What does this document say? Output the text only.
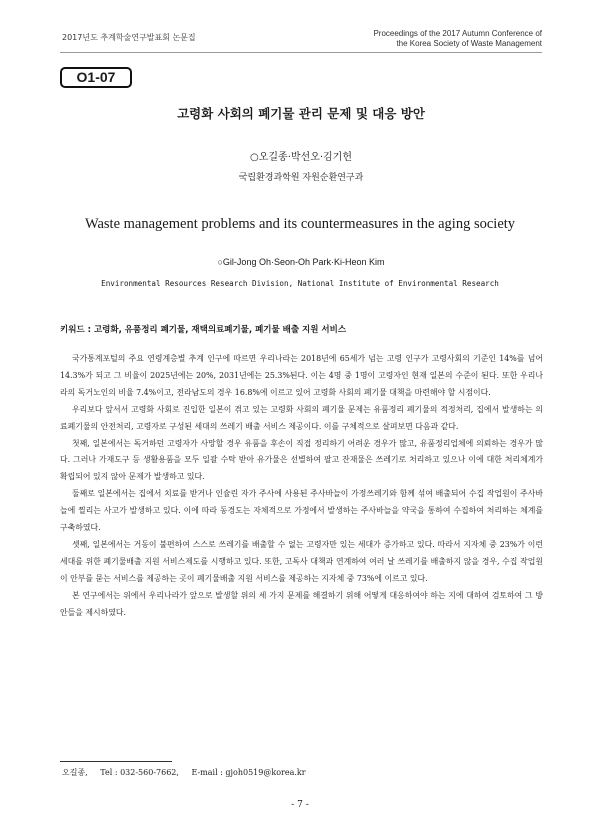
2017년도 추계학술연구발표회 논문집	Proceedings of the 2017 Autumn Conference of
the Korea Society of Waste Management
O1-07
고령화 사회의 폐기물 관리 문제 및 대응 방안
○오길종·박선오·김기헌
국립환경과학원 자원순환연구과
Waste management problems and its countermeasures in the aging society
○Gil-Jong Oh·Seon-Oh Park·Ki-Heon Kim
Environmental Resources Research Division, National Institute of Environmental Research
키워드 : 고령화, 유품정리 폐기물, 재택의료폐기물, 폐기물 배출 지원 서비스

국가통계포털의 주요 연령계층별 추계 인구에 따르면 우리나라는 2018년에 65세가 넘는 고령 인구가 고령사회의 기준인 14%를 넘어 14.3%가 되고 그 비율이 2025년에는 20%, 2031년에는 25.3%된다. 이는 4명 중 1명이 고령자인 현재 일본의 수준이 된다. 또한 우리나라의 독거노인의 비율 7.4%이고, 전라남도의 경우 16.8%에 이르고 있어 고령화 사회의 폐기물 대책을 마련해야 할 시점이다.

우리보다 앞서서 고령화 사회로 진입한 일본이 겪고 있는 고령화 사회의 폐기물 문제는 유품정리 폐기물의 적정처리, 집에서 발생하는 의료폐기물의 안전처리, 고령자로 구성된 세대의 쓰레기 배출 서비스 제공이다. 이를 구체적으로 살펴보면 다음과 같다.

첫째, 일본에서는 독거하던 고령자가 사망할 경우 유품을 후손이 직접 정리하기 어려운 경우가 많고, 유품정리업체에 의뢰하는 경우가 많다. 그러나 가재도구 등 생활용품을 모두 일괄 수탁 받아 유가물은 선별하여 팔고 잔재물은 쓰레기로 처리하고 있으나 이에 대한 처리체계가 확립되어 있지 않아 문제가 발생하고 있다.

둘째로 일본에서는 집에서 치료를 받거나 인슐린 자가 주사에 사용된 주사바늘이 가정쓰레기와 함께 섞여 배출되어 수집 작업원이 주사바늘에 찔리는 사고가 발생하고 있다. 이에 따라 동경도는 자체적으로 가정에서 발생하는 주사바늘을 약국을 통하여 수집하여 처리하는 체계를 구축하였다.

셋째, 일본에서는 거동이 불편하여 스스로 쓰레기를 배출할 수 없는 고령자만 있는 세대가 증가하고 있다. 따라서 지자체 중 23%가 이런 세대를 위한 폐기물배출 지원 서비스제도를 시행하고 있다. 또한, 고독사 대책과 연계하여 여러 날 쓰레기를 배출하지 않을 경우, 수집 작업원이 안부를 묻는 서비스를 제공하는 곳이 폐기물배출 지원 서비스를 제공하는 지자체 중 73%에 이르고 있다.

본 연구에서는 위에서 우리나라가 앞으로 발생할 위의 세 가지 문제를 해결하기 위해 어떻게 대응하여야 하는 지에 대하여 검토하여 그 방안들을 제시하였다.

오길종, Tel : 032-560-7662, E-mail : gjoh0519@korea.kr
- 7 -
